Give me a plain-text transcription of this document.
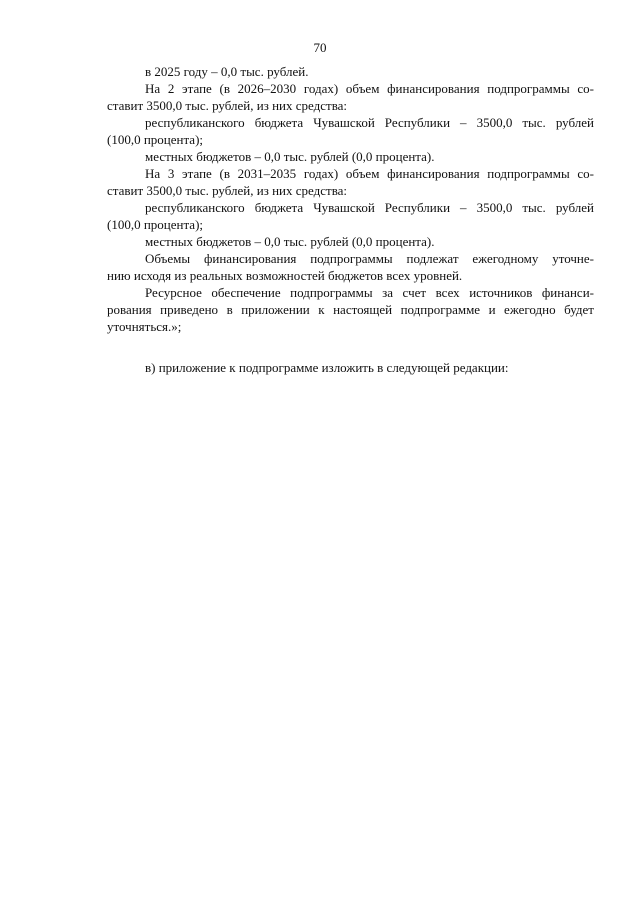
70
в 2025 году – 0,0 тыс. рублей.
На 2 этапе (в 2026–2030 годах) объем финансирования подпрограммы со-
ставит 3500,0 тыс. рублей, из них средства:
республиканского бюджета Чувашской Республики – 3500,0 тыс. рублей
(100,0 процента);
местных бюджетов – 0,0 тыс. рублей (0,0 процента).
На 3 этапе (в 2031–2035 годах) объем финансирования подпрограммы со-
ставит 3500,0 тыс. рублей, из них средства:
республиканского бюджета Чувашской Республики – 3500,0 тыс. рублей
(100,0 процента);
местных бюджетов – 0,0 тыс. рублей (0,0 процента).
Объемы финансирования подпрограммы подлежат ежегодному уточне-
нию исходя из реальных возможностей бюджетов всех уровней.
Ресурсное обеспечение подпрограммы за счет всех источников финанси-
рования приведено в приложении к настоящей подпрограмме и ежегодно будет
уточняться.»;
в) приложение к подпрограмме изложить в следующей редакции:
